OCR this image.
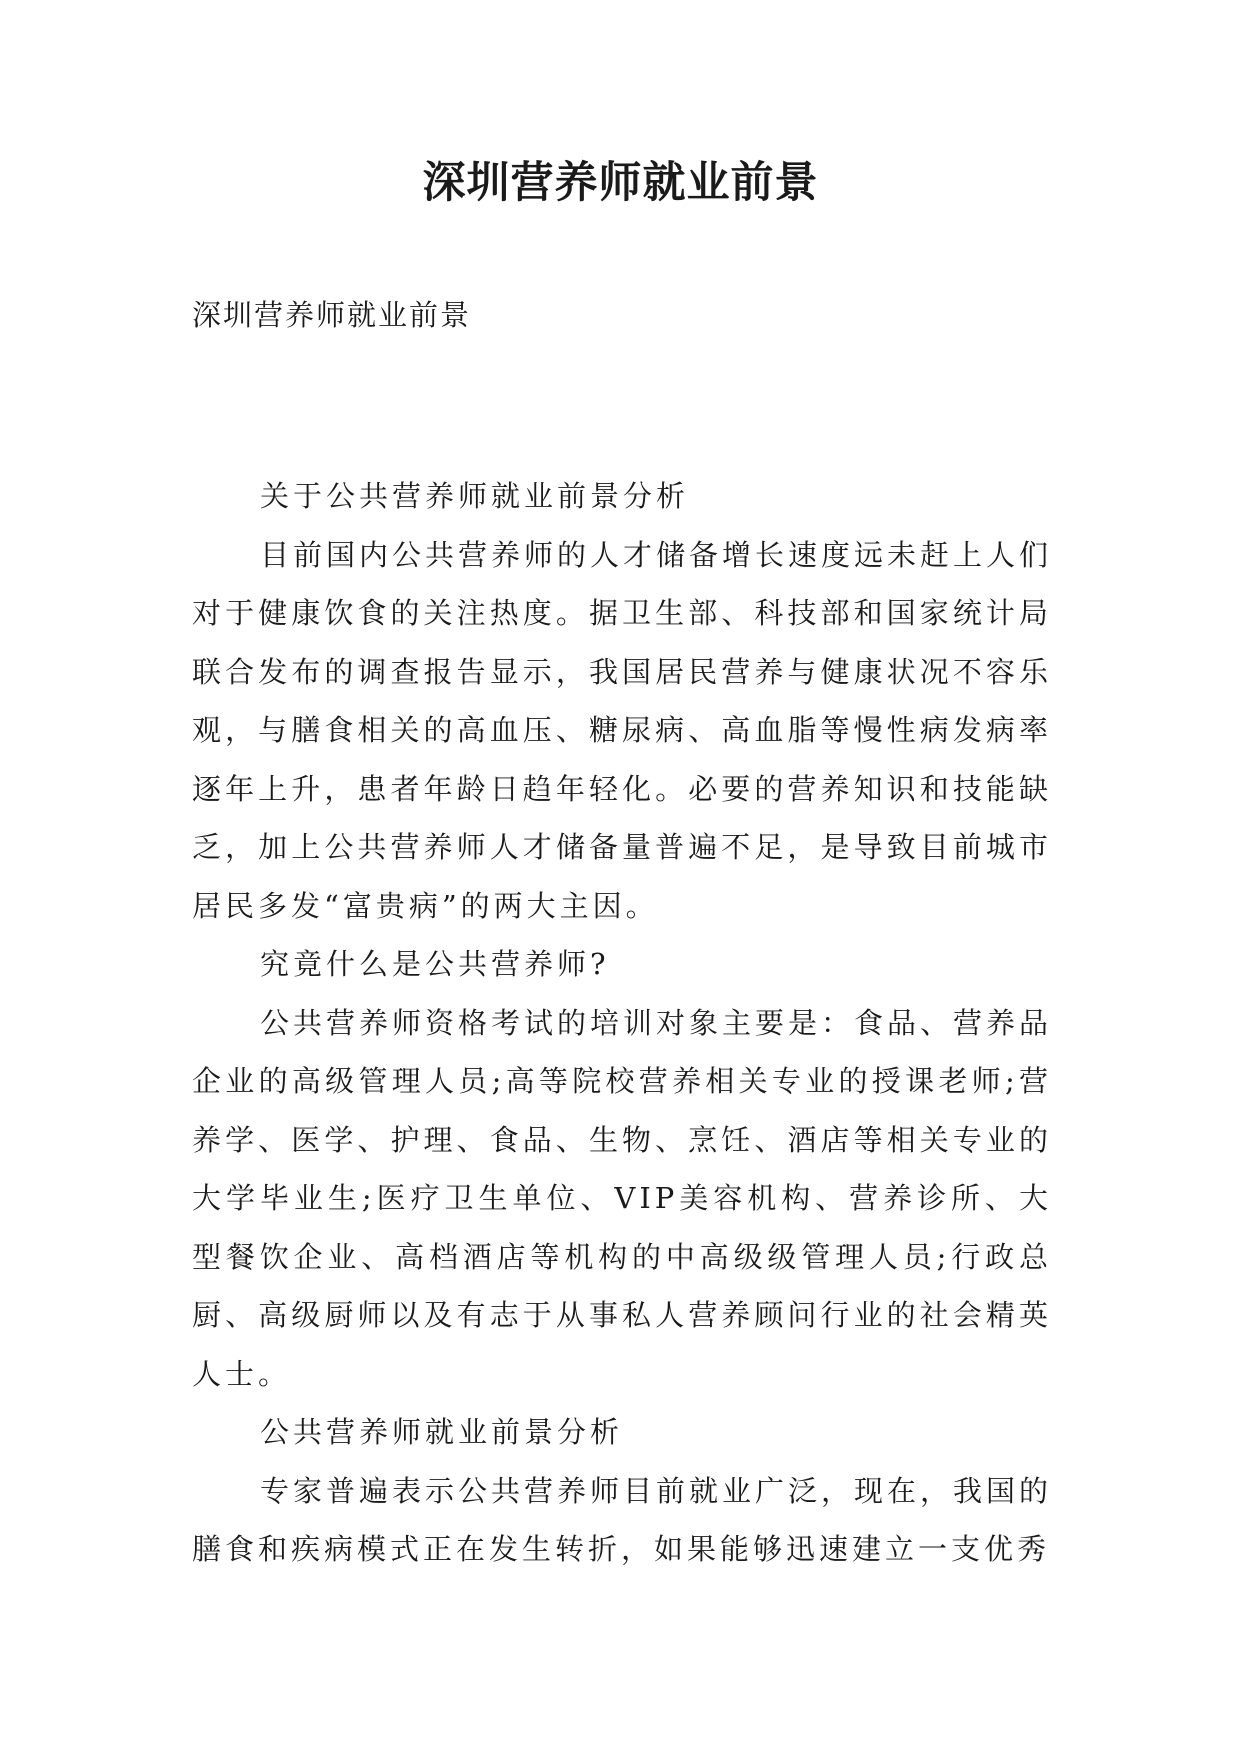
深圳营养师就业前景
深圳营养师就业前景

关于公共营养师就业前景分析

目前国内公共营养师的人才储备增长速度远未赶上人们对于健康饮食的关注热度。据卫生部、科技部和国家统计局联合发布的调查报告显示，我国居民营养与健康状况不容乐观，与膳食相关的高血压、糖尿病、高血脂等慢性病发病率逐年上升，患者年龄日趋年轻化。必要的营养知识和技能缺乏，加上公共营养师人才储备量普遍不足，是导致目前城市居民多发“富贵病”的两大主因。

究竟什么是公共营养师?

公共营养师资格考试的培训对象主要是：食品、营养品企业的高级管理人员;高等院校营养相关专业的授课老师;营养学、医学、护理、食品、生物、烹饪、酒店等相关专业的大学毕业生;医疗卫生单位、VIP美容机构、营养诊所、大型餐饮企业、高档酒店等机构的中高级级管理人员;行政总厨、高级厨师以及有志于从事私人营养顾问行业的社会精英人士。

公共营养师就业前景分析

专家普遍表示公共营养师目前就业广泛，现在，我国的膳食和疾病模式正在发生转折，如果能够迅速建立一支优秀
